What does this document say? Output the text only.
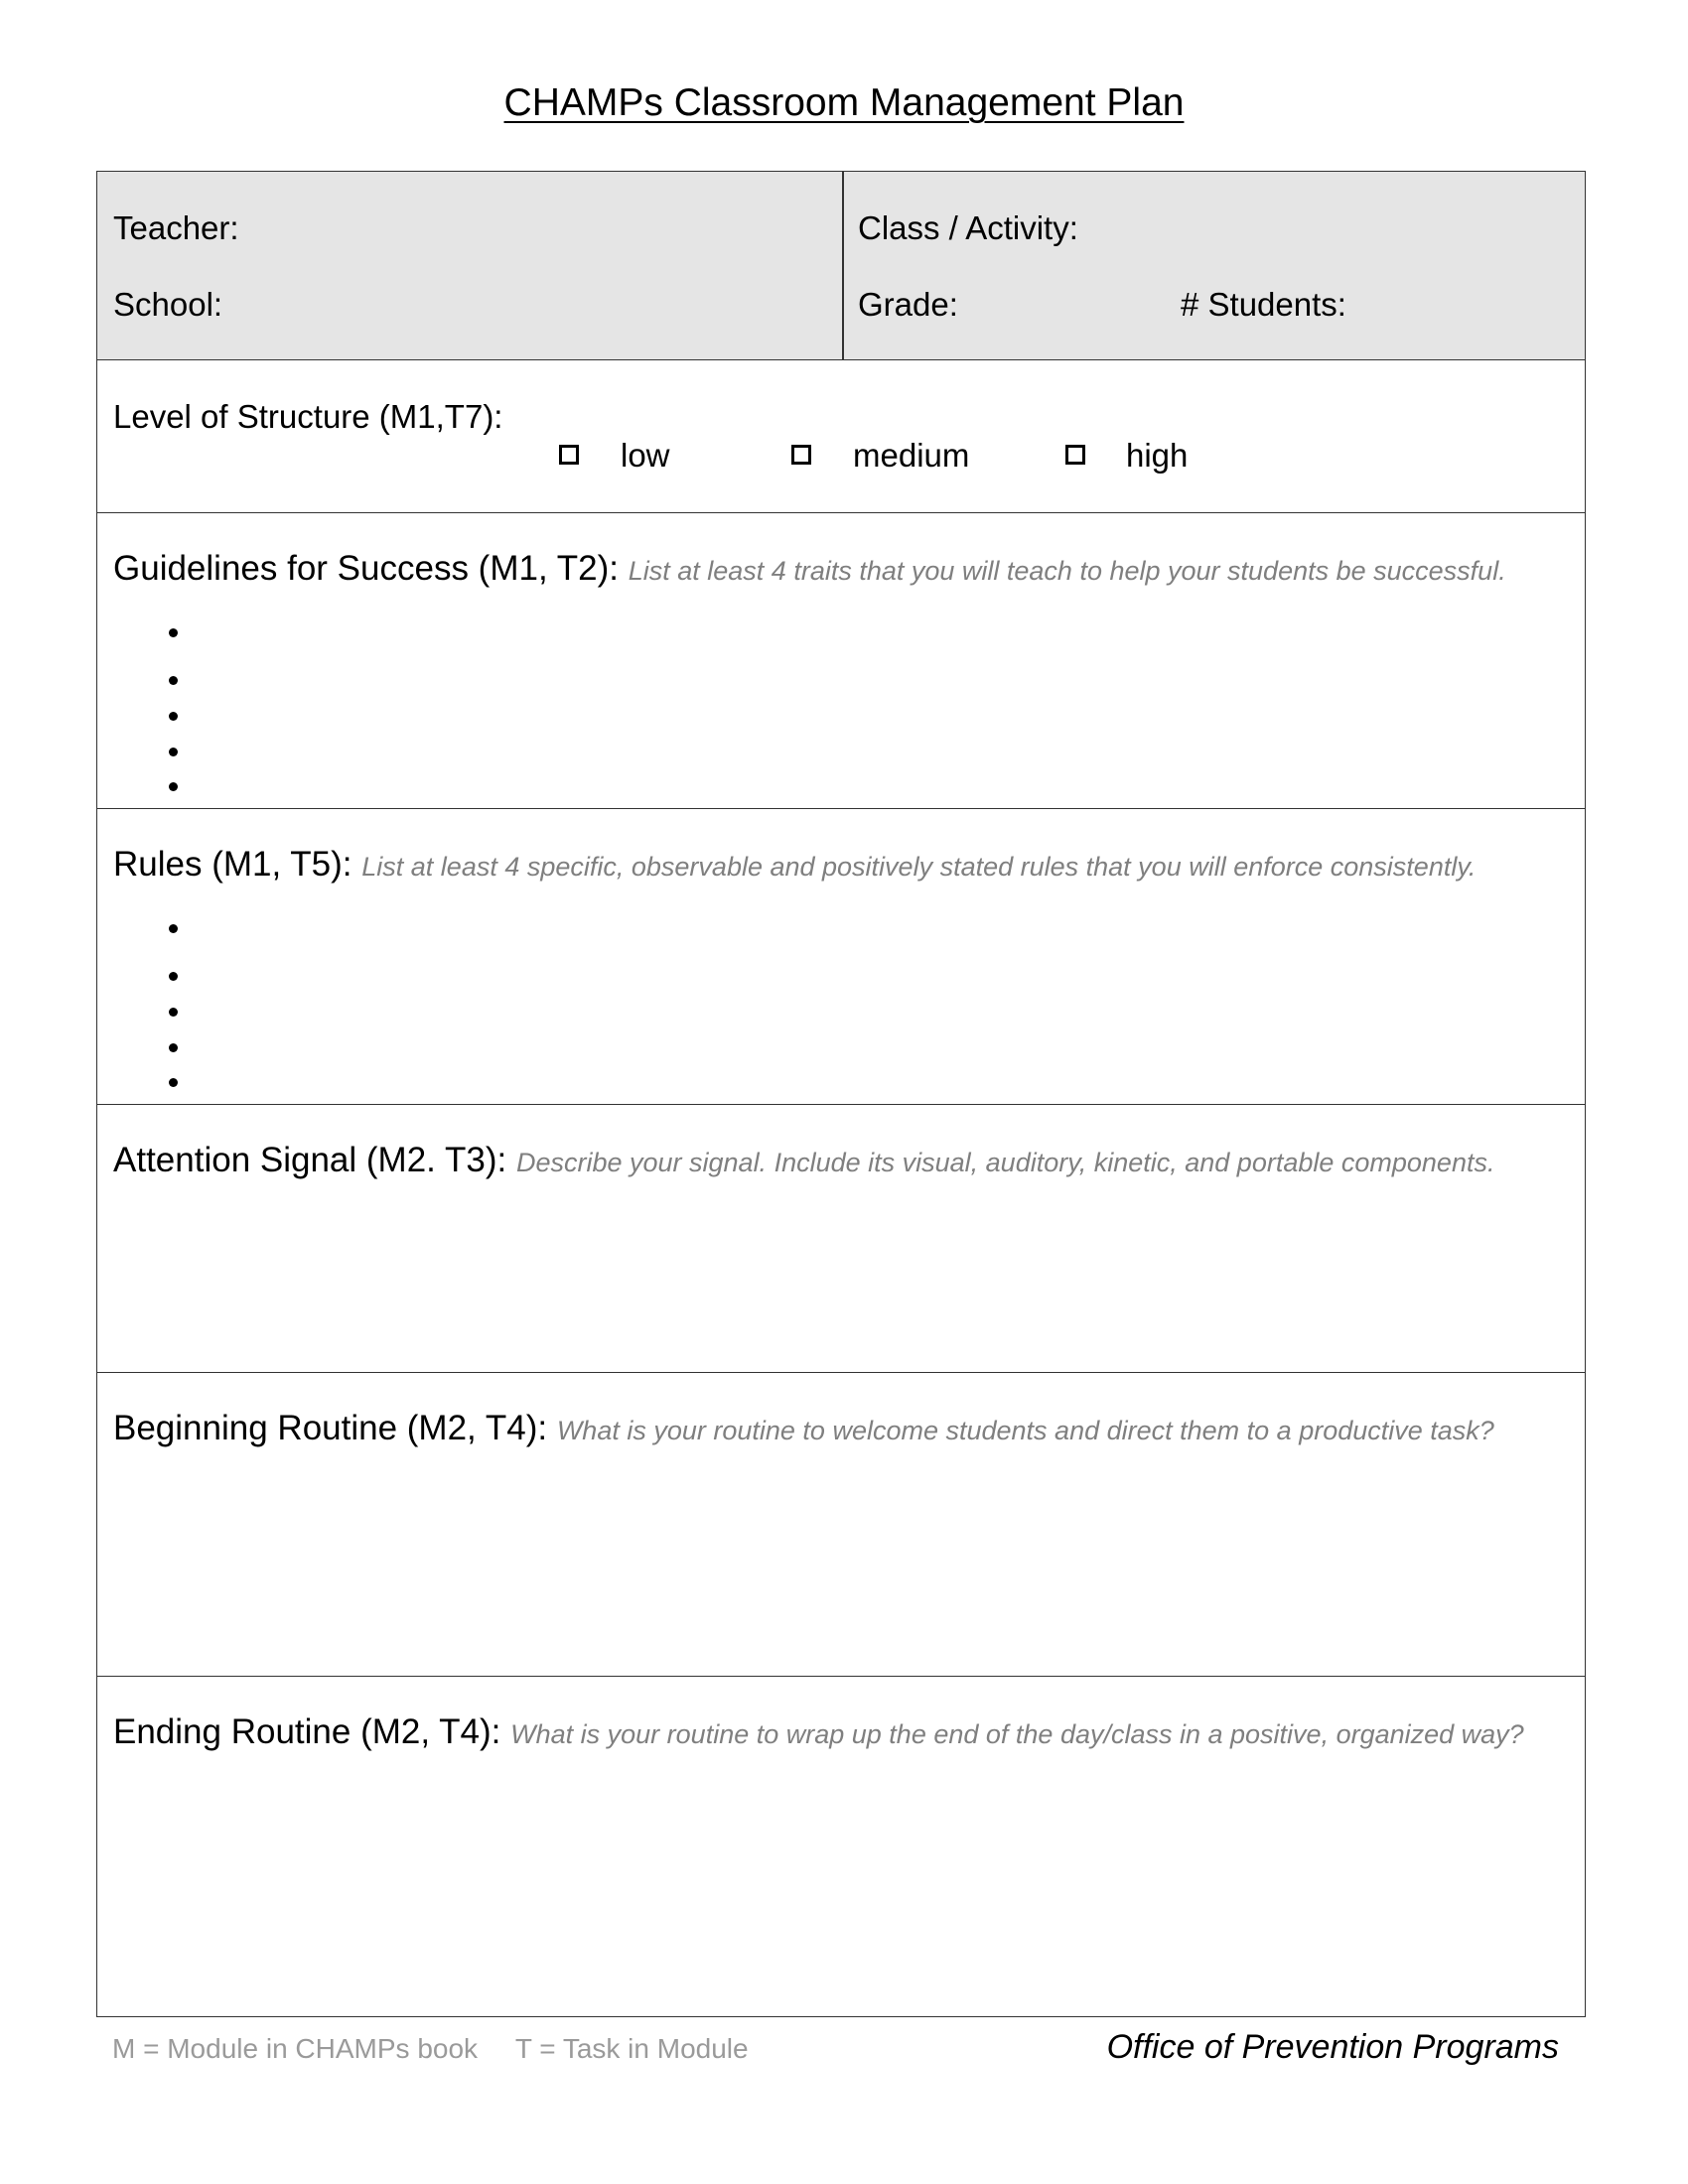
CHAMPs Classroom Management Plan
Teacher:
School:
Class / Activity:
Grade:	# Students:
Level of Structure (M1,T7):
low	medium	high
Guidelines for Success (M1, T2): List at least 4 traits that you will teach to help your students be successful.
Rules (M1, T5): List at least 4 specific, observable and positively stated rules that you will enforce consistently.
Attention Signal (M2. T3): Describe your signal. Include its visual, auditory, kinetic, and portable components.
Beginning Routine (M2, T4): What is your routine to welcome students and direct them to a productive task?
Ending Routine (M2, T4): What is your routine to wrap up the end of the day/class in a positive, organized way?
M = Module in CHAMPs book T = Task in Module	Office of Prevention Programs
